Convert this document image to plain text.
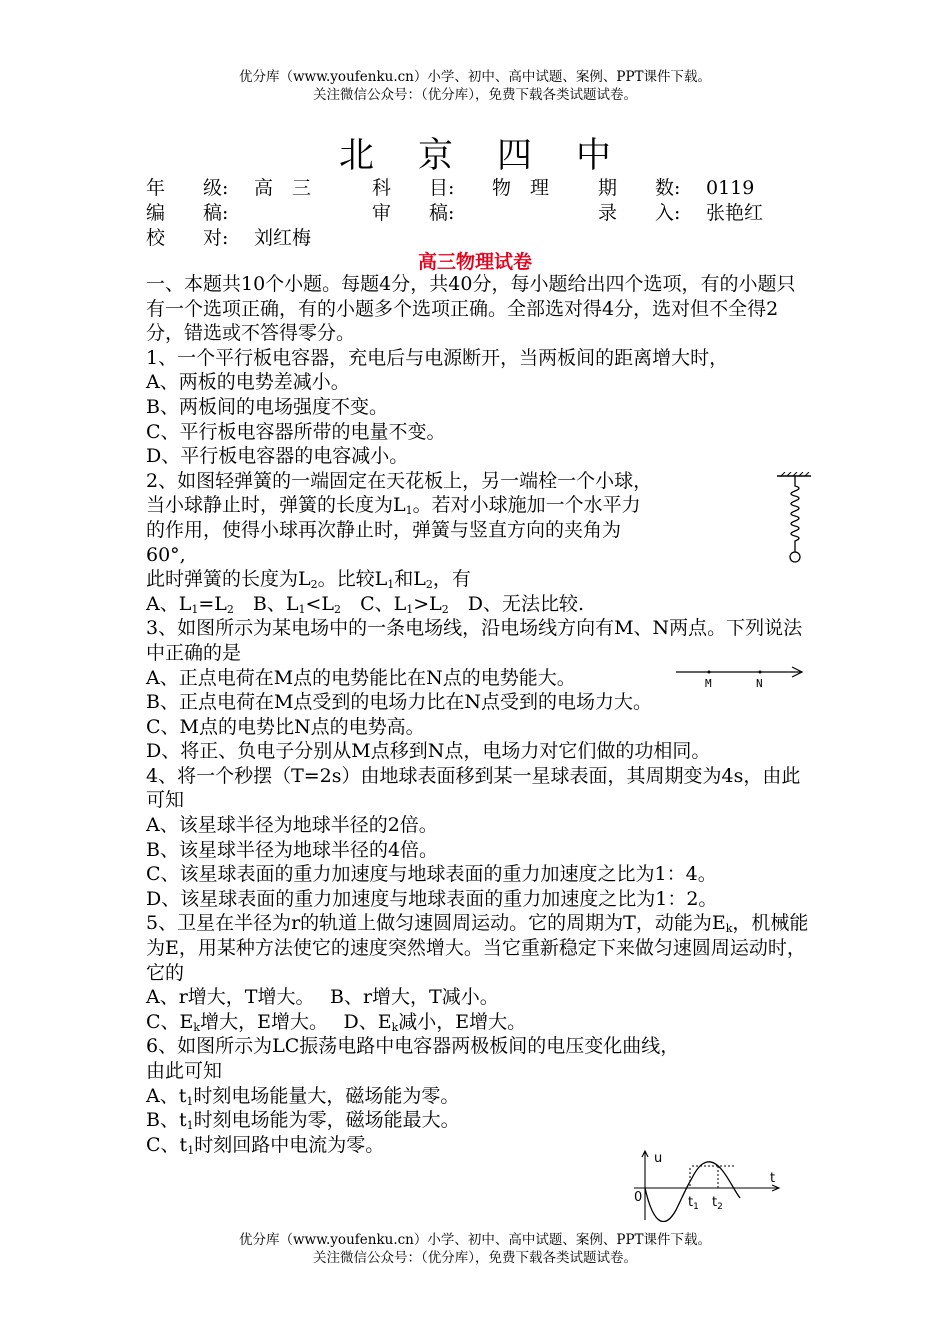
优分库（www.youfenku.cn）小学、初中、高中试题、案例、PPT课件下载。
关注微信公众号：（优分库），免费下载各类试题试卷。
北京四中
年　　级: 高　三	科　　目: 物　理	期　　数: 0119
编　　稿:	审　　稿:	录　　入: 张艳红
校　　对: 刘红梅
高三物理试卷

一、本题共10个小题。每题4分，共40分，每小题给出四个选项，有的小题只有一个选项正确，有的小题多个选项正确。全部选对得4分，选对但不全得2分，错选或不答得零分。

1、一个平行板电容器，充电后与电源断开，当两板间的距离增大时，

A、两板的电势差减小。

B、两板间的电场强度不变。

C、平行板电容器所带的电量不变。

D、平行板电容器的电容减小。

2、如图轻弹簧的一端固定在天花板上，另一端栓一个小球，

当小球静止时，弹簧的长度为$L_1$。若对小球施加一个水平力

的作用，使得小球再次静止时，弹簧与竖直方向的夹角为

60°,

此时弹簧的长度为$L_2$。比较$L_1$和$L_2$，有

A、$L_1=L_2$　 B、$L_1<L_2$　 C、$L_1>L_2$　 D、无法比较.

3、如图所示为某电场中的一条电场线，沿电场线方向有M、N两点。下列说法中正确的是

A、正点电荷在M点的电势能比在N点的电势能大。

B、正点电荷在M点受到的电场力比在N点受到的电场力大。

C、M点的电势比N点的电势高。

D、将正、负电子分别从M点移到N点，电场力对它们做的功相同。

4、将一个秒摆（T=2s）由地球表面移到某一星球表面，其周期变为4s，由此可知

A、该星球半径为地球半径的2倍。

B、该星球半径为地球半径的4倍。

C、该星球表面的重力加速度与地球表面的重力加速度之比为1：4。

D、该星球表面的重力加速度与地球表面的重力加速度之比为1：2。

5、卫星在半径为r的轨道上做匀速圆周运动。它的周期为T，动能为$E_k$，机械能为E，用某种方法使它的速度突然增大。当它重新稳定下来做匀速圆周运动时，它的

A、r增大，T增大。　 B、r增大，T减小。

C、$E_k$增大，E增大。　 D、$E_k$减小，E增大。

6、如图所示为LC振荡电路中电容器两极板间的电压变化曲线，

由此可知

A、$t_1$时刻电场能量大，磁场能为零。

B、$t_1$时刻电场能为零，磁场能最大。

C、$t_1$时刻回路中电流为零。

M	N
u
t
0	$t_1$ $t_2$
优分库（www.youfenku.cn）小学、初中、高中试题、案例、PPT课件下载。
关注微信公众号：（优分库），免费下载各类试题试卷。
